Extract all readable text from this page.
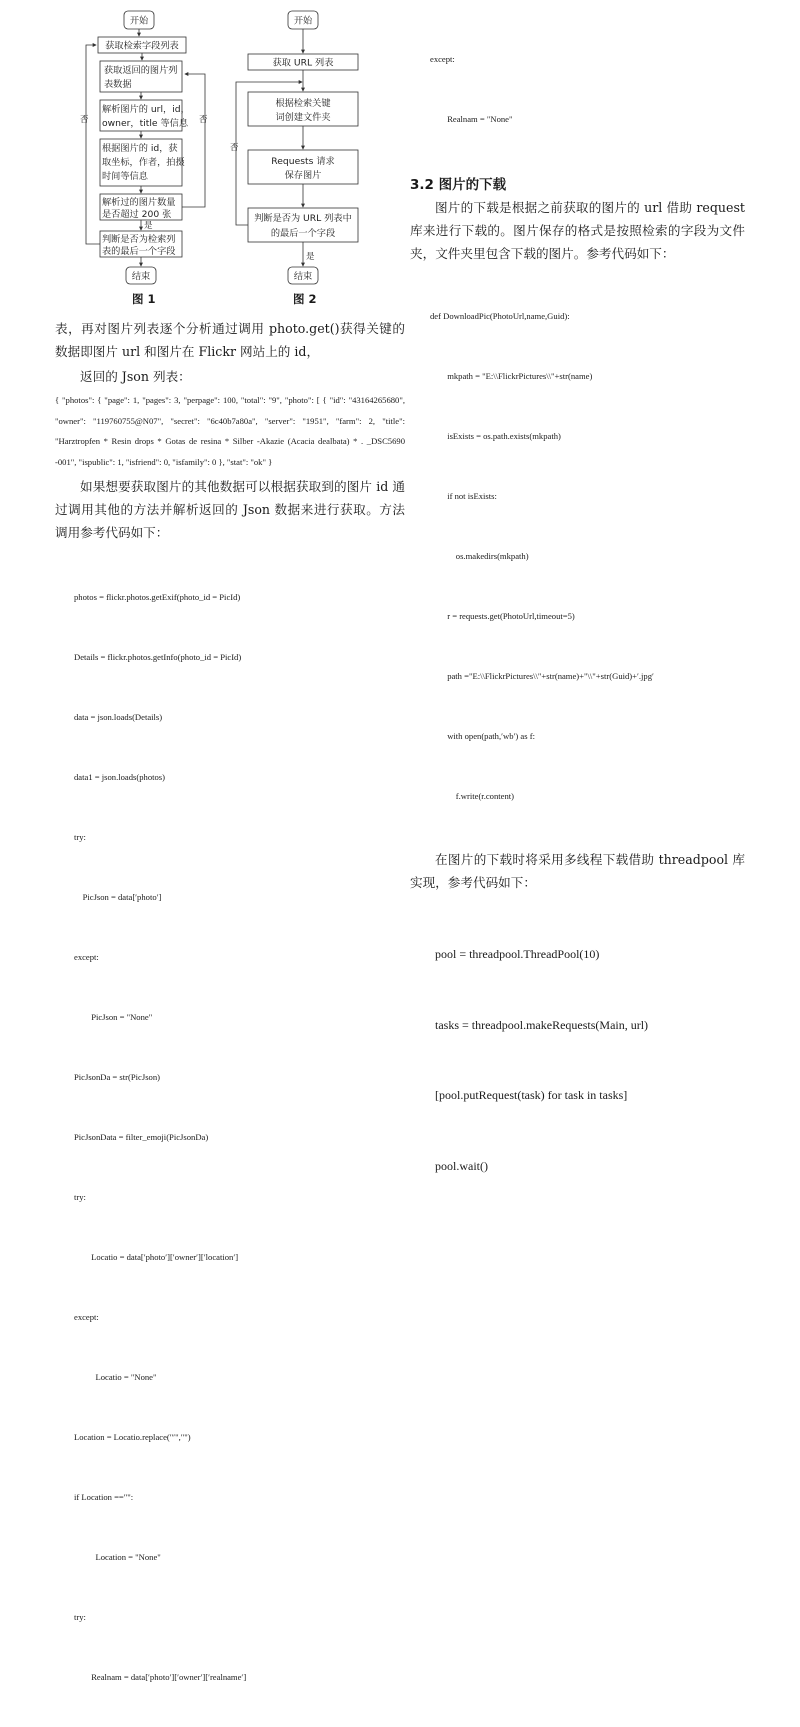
开始
获取检索字段列表
获取返回的图片列
表数据
解析图片的 url，id，
owner，title 等信息
根据图片的 id，获
取坐标，作者，拍摄
时间等信息
解析过的图片数量
是否超过 200 张
是
判断是否为检索列
表的最后一个字段
结束
否
否
开始
获取 URL 列表
根据检索关键
词创建文件夹
Requests 请求
保存图片
判断是否为 URL 列表中
的最后一个字段
是
结束
否
图 1	图 2

表，再对图片列表逐个分析通过调用 photo.get()获得关键的数据即图片 url 和图片在 Flickr 网站上的 id，

返回的 Json 列表：

{ "photos": { "page": 1, "pages": 3, "perpage": 100, "total": "9", "photo": [ { "id": "43164265680", "owner": "119760755@N07", "secret": "6c40b7a80a", "server": "1951", "farm": 2, "title": "Harztropfen * Resin drops * Gotas de resina * Silber -Akazie (Acacia dealbata) * . _DSC5690 -001", "ispublic": 1, "isfriend": 0, "isfamily": 0 }, "stat": "ok" }

如果想要获取图片的其他数据可以根据获取到的图片 id 通过调用其他的方法并解析返回的 Json 数据来进行获取。方法调用参考代码如下：

photos = flickr.photos.getExif(photo_id = PicId)

Details = flickr.photos.getInfo(photo_id = PicId)

data = json.loads(Details)

data1 = json.loads(photos)

try:

PicJson = data[′photo′]

except:

PicJson = "None"

PicJsonDa = str(PicJson)

PicJsonData = filter_emoji(PicJsonDa)

try:

Locatio = data[′photo′][′owner′][′location′]

except:

Locatio = "None"

Location = Locatio.replace("′","")

if Location =="":

Location = "None"

try:

Realnam = data[′photo′][′owner′][′realname′]

except:

Realnam = "None"

3.2 图片的下载

图片的下载是根据之前获取的图片的 url 借助 request 库来进行下载的。图片保存的格式是按照检索的字段为文件夹，文件夹里包含下载的图片。参考代码如下：

def DownloadPic(PhotoUrl,name,Guid):

mkpath = "E:\\FlickrPictures\\"+str(name)

isExists = os.path.exists(mkpath)

if not isExists:

os.makedirs(mkpath)

r = requests.get(PhotoUrl,timeout=5)

path ="E:\\FlickrPictures\\"+str(name)+"\\"+str(Guid)+′.jpg′

with open(path,′wb′) as f:

f.write(r.content)

在图片的下载时将采用多线程下载借助 threadpool 库实现，参考代码如下：

pool = threadpool.ThreadPool(10)

tasks = threadpool.makeRequests(Main, url)

[pool.putRequest(task) for task in tasks]

pool.wait()
